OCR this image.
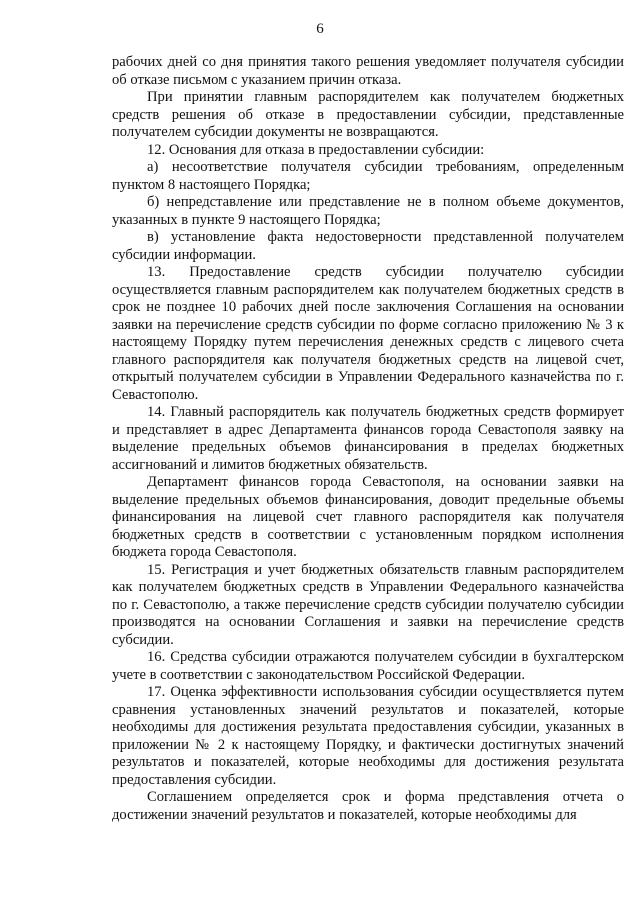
6

рабочих дней со дня принятия такого решения уведомляет получателя субсидии об отказе письмом с указанием причин отказа.

При принятии главным распорядителем как получателем бюджетных средств решения об отказе в предоставлении субсидии, представленные получателем субсидии документы не возвращаются.

12. Основания для отказа в предоставлении субсидии:

а) несоответствие получателя субсидии требованиям, определенным пунктом 8 настоящего Порядка;

б) непредставление или представление не в полном объеме документов, указанных в пункте 9 настоящего Порядка;

в) установление факта недостоверности представленной получателем субсидии информации.

13. Предоставление средств субсидии получателю субсидии осуществляется главным распорядителем как получателем бюджетных средств в срок не позднее 10 рабочих дней после заключения Соглашения на основании заявки на перечисление средств субсидии по форме согласно приложению № 3 к настоящему Порядку путем перечисления денежных средств с лицевого счета главного распорядителя как получателя бюджетных средств на лицевой счет, открытый получателем субсидии в Управлении Федерального казначейства по г. Севастополю.

14. Главный распорядитель как получатель бюджетных средств формирует и представляет в адрес Департамента финансов города Севастополя заявку на выделение предельных объемов финансирования в пределах бюджетных ассигнований и лимитов бюджетных обязательств.

Департамент финансов города Севастополя, на основании заявки на выделение предельных объемов финансирования, доводит предельные объемы финансирования на лицевой счет главного распорядителя как получателя бюджетных средств в соответствии с установленным порядком исполнения бюджета города Севастополя.

15. Регистрация и учет бюджетных обязательств главным распорядителем как получателем бюджетных средств в Управлении Федерального казначейства по г. Севастополю, а также перечисление средств субсидии получателю субсидии производятся на основании Соглашения и заявки на перечисление средств субсидии.

16. Средства субсидии отражаются получателем субсидии в бухгалтерском учете в соответствии с законодательством Российской Федерации.

17. Оценка эффективности использования субсидии осуществляется путем сравнения установленных значений результатов и показателей, которые необходимы для достижения результата предоставления субсидии, указанных в приложении № 2 к настоящему Порядку, и фактически достигнутых значений результатов и показателей, которые необходимы для достижения результата предоставления субсидии.

Соглашением определяется срок и форма представления отчета о достижении значений результатов и показателей, которые необходимы для
